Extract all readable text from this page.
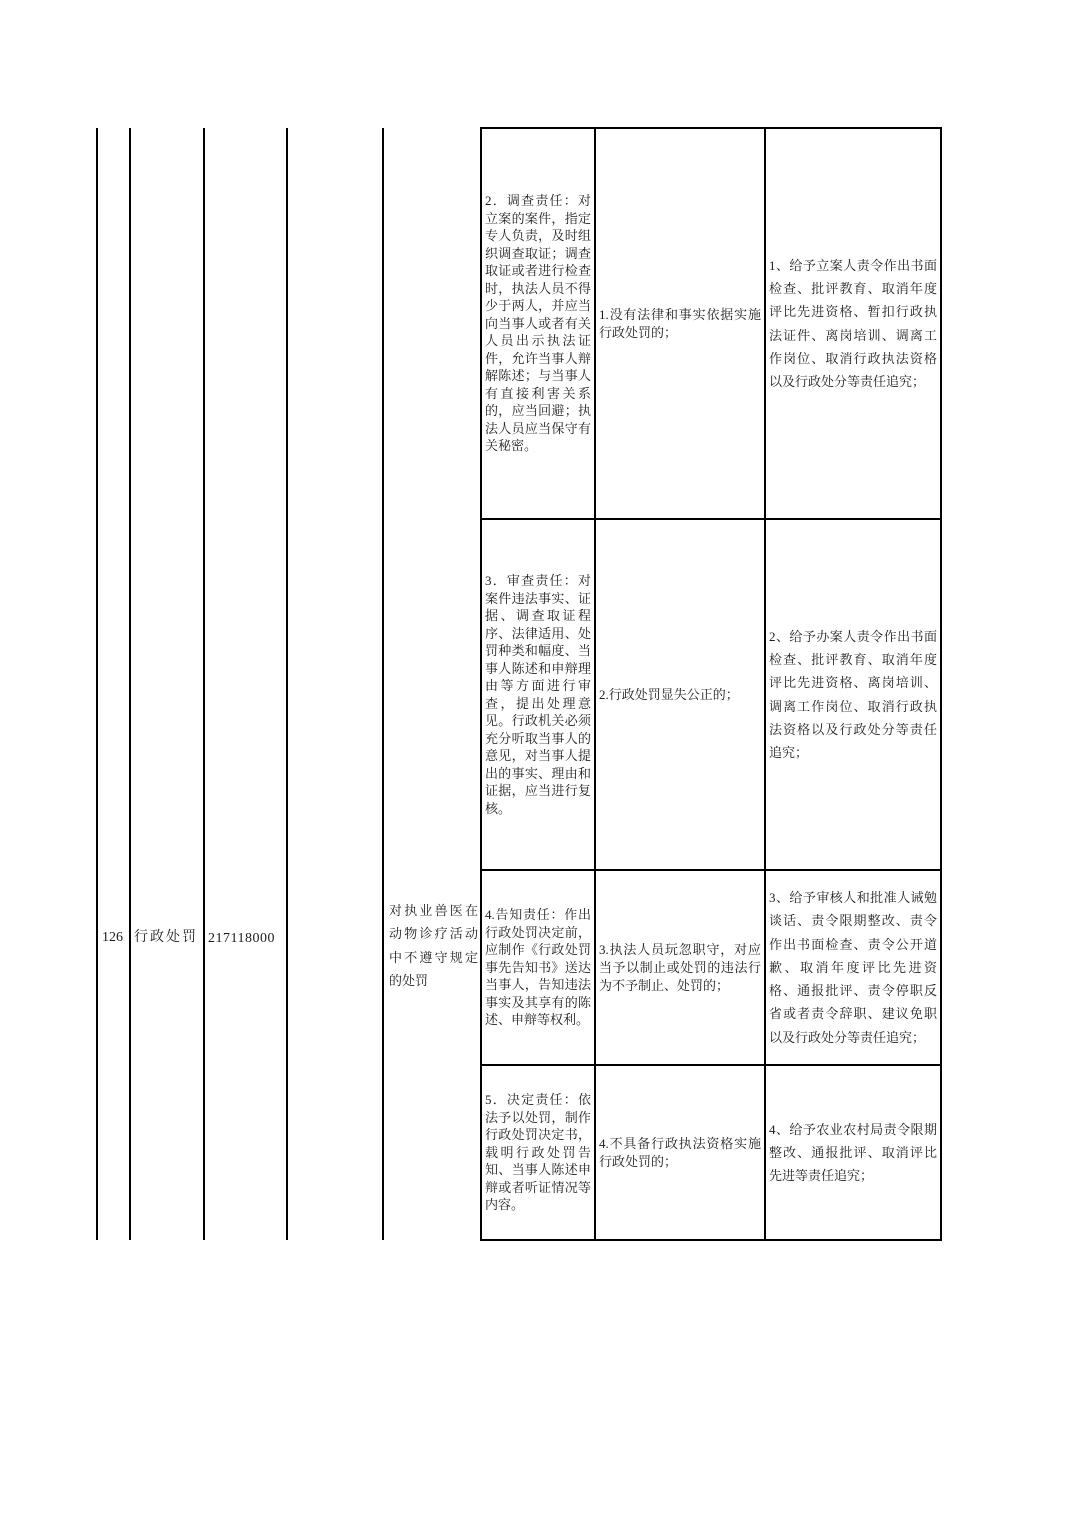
126 行政处罚 217118000
对执业兽医在动物诊疗活动中不遵守规定的处罚
2．调查责任：对立案的案件，指定专人负责，及时组织调查取证；调查取证或者进行检查时，执法人员不得少于两人，并应当向当事人或者有关人员出示执法证件，允许当事人辩解陈述；与当事人有直接利害关系的，应当回避；执法人员应当保守有关秘密。	1.没有法律和事实依据实施行政处罚的；	1、给予立案人责令作出书面检查、批评教育、取消年度评比先进资格、暂扣行政执法证件、离岗培训、调离工作岗位、取消行政执法资格以及行政处分等责任追究；

3．审查责任：对案件违法事实、证据、调查取证程序、法律适用、处罚种类和幅度、当事人陈述和申辩理由等方面进行审查，提出处理意见。行政机关必须充分听取当事人的意见，对当事人提出的事实、理由和证据，应当进行复核。	2.行政处罚显失公正的；	2、给予办案人责令作出书面检查、批评教育、取消年度评比先进资格、离岗培训、调离工作岗位、取消行政执法资格以及行政处分等责任追究；

4.告知责任：作出行政处罚决定前，应制作《行政处罚事先告知书》送达当事人，告知违法事实及其享有的陈述、申辩等权利。	3.执法人员玩忽职守，对应当予以制止或处罚的违法行为不予制止、处罚的；	3、给予审核人和批准人诫勉谈话、责令限期整改、责令作出书面检查、责令公开道歉、取消年度评比先进资格、通报批评、责令停职反省或者责令辞职、建议免职以及行政处分等责任追究；

5．决定责任：依法予以处罚，制作行政处罚决定书，载明行政处罚告知、当事人陈述申辩或者听证情况等内容。	4.不具备行政执法资格实施行政处罚的；	4、给予农业农村局责令限期整改、通报批评、取消评比先进等责任追究；
